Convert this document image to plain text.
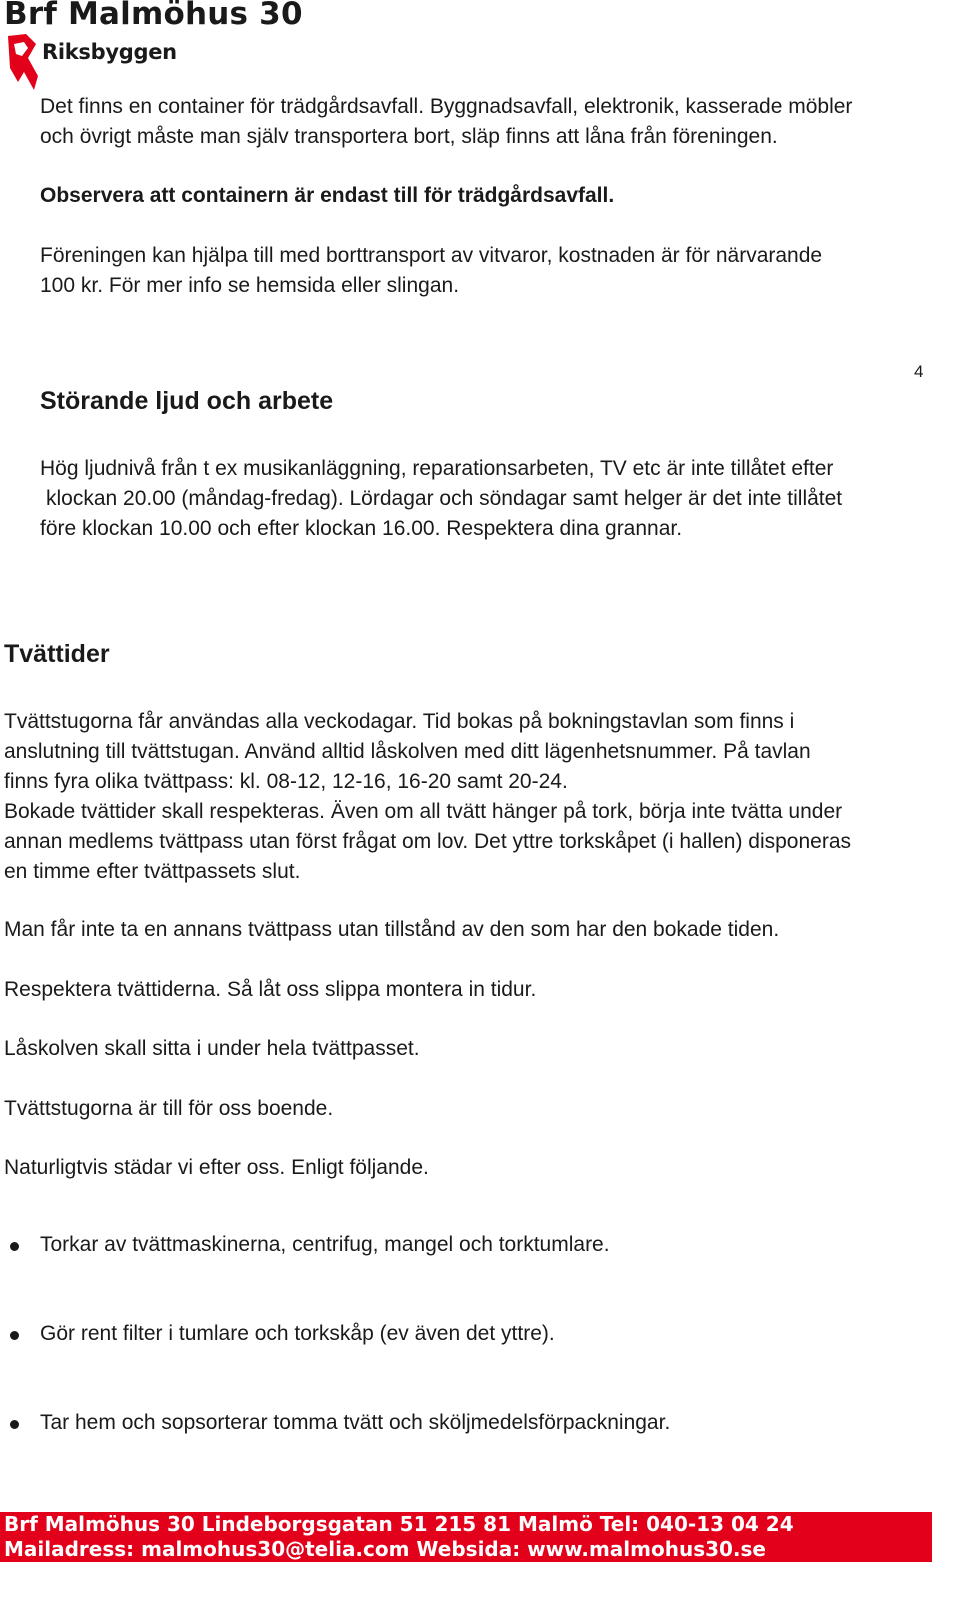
Brf Malmöhus 30
Riksbyggen
Det finns en container för trädgårdsavfall. Byggnadsavfall, elektronik, kasserade möbler
och övrigt måste man själv transportera bort, släp finns att låna från föreningen.
Observera att containern är endast till för trädgårdsavfall.
Föreningen kan hjälpa till med borttransport av vitvaror, kostnaden är för närvarande
100 kr. För mer info se hemsida eller slingan.
4
Störande ljud och arbete
Hög ljudnivå från t ex musikanläggning, reparationsarbeten, TV etc är inte tillåtet efter
klockan 20.00 (måndag-fredag). Lördagar och söndagar samt helger är det inte tillåtet
före klockan 10.00 och efter klockan 16.00. Respektera dina grannar.
Tvättider
Tvättstugorna får användas alla veckodagar. Tid bokas på bokningstavlan som finns i
anslutning till tvättstugan. Använd alltid låskolven med ditt lägenhetsnummer. På tavlan
finns fyra olika tvättpass: kl. 08-12, 12-16, 16-20 samt 20-24.
Bokade tvättider skall respekteras. Även om all tvätt hänger på tork, börja inte tvätta under
annan medlems tvättpass utan först frågat om lov. Det yttre torkskåpet (i hallen) disponeras
en timme efter tvättpassets slut.
Man får inte ta en annans tvättpass utan tillstånd av den som har den bokade tiden.
Respektera tvättiderna. Så låt oss slippa montera in tidur.
Låskolven skall sitta i under hela tvättpasset.
Tvättstugorna är till för oss boende.
Naturligtvis städar vi efter oss. Enligt följande.
Torkar av tvättmaskinerna, centrifug, mangel och torktumlare.
Gör rent filter i tumlare och torkskåp (ev även det yttre).
Tar hem och sopsorterar tomma tvätt och sköljmedelsförpackningar.
Brf Malmöhus 30 Lindeborgsgatan 51 215 81 Malmö Tel: 040-13 04 24
Mailadress: malmohus30@telia.com Websida: www.malmohus30.se
